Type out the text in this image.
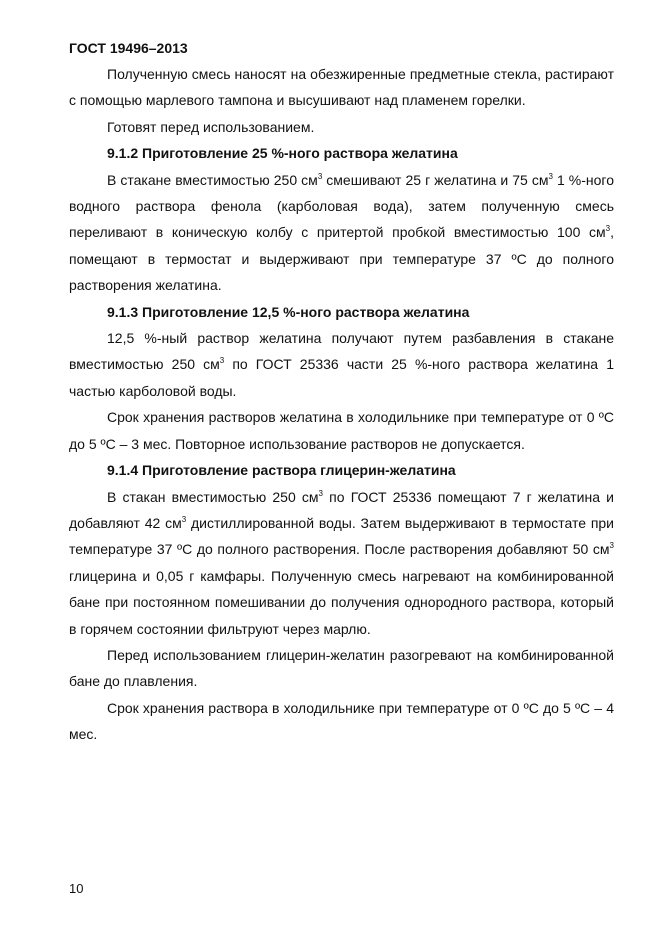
ГОСТ 19496–2013

Полученную смесь наносят на обезжиренные предметные стекла, растирают с помощью марлевого тампона и высушивают над пламенем горелки.

Готовят перед использованием.

9.1.2 Приготовление 25 %-ного раствора желатина

В стакане вместимостью 250 $см^3$ смешивают 25 г желатина и 75 $см^3$ 1 %-ного водного раствора фенола (карболовая вода), затем полученную смесь переливают в коническую колбу с притертой пробкой вместимостью 100 $см^3$, помещают в термостат и выдерживают при температуре 37 ºС до полного растворения желатина.

9.1.3 Приготовление 12,5 %-ного раствора желатина

12,5 %-ный раствор желатина получают путем разбавления в стакане вместимостью 250 $см^3$ по ГОСТ 25336 части 25 %-ного раствора желатина 1 частью карболовой воды.

Срок хранения растворов желатина в холодильнике при температуре от 0 ºС до 5 ºС – 3 мес. Повторное использование растворов не допускается.

9.1.4 Приготовление раствора глицерин-желатина

В стакан вместимостью 250 $см^3$ по ГОСТ 25336 помещают 7 г желатина и добавляют 42 $см^3$ дистиллированной воды. Затем выдерживают в термостате при температуре 37 ºС до полного растворения. После растворения добавляют 50 $см^3$ глицерина и 0,05 г камфары. Полученную смесь нагревают на комбинированной бане при постоянном помешивании до получения однородного раствора, который в горячем состоянии фильтруют через марлю.

Перед использованием глицерин-желатин разогревают на комбинированной бане до плавления.

Срок хранения раствора в холодильнике при температуре от 0 ºС до 5 ºС – 4 мес.

10
